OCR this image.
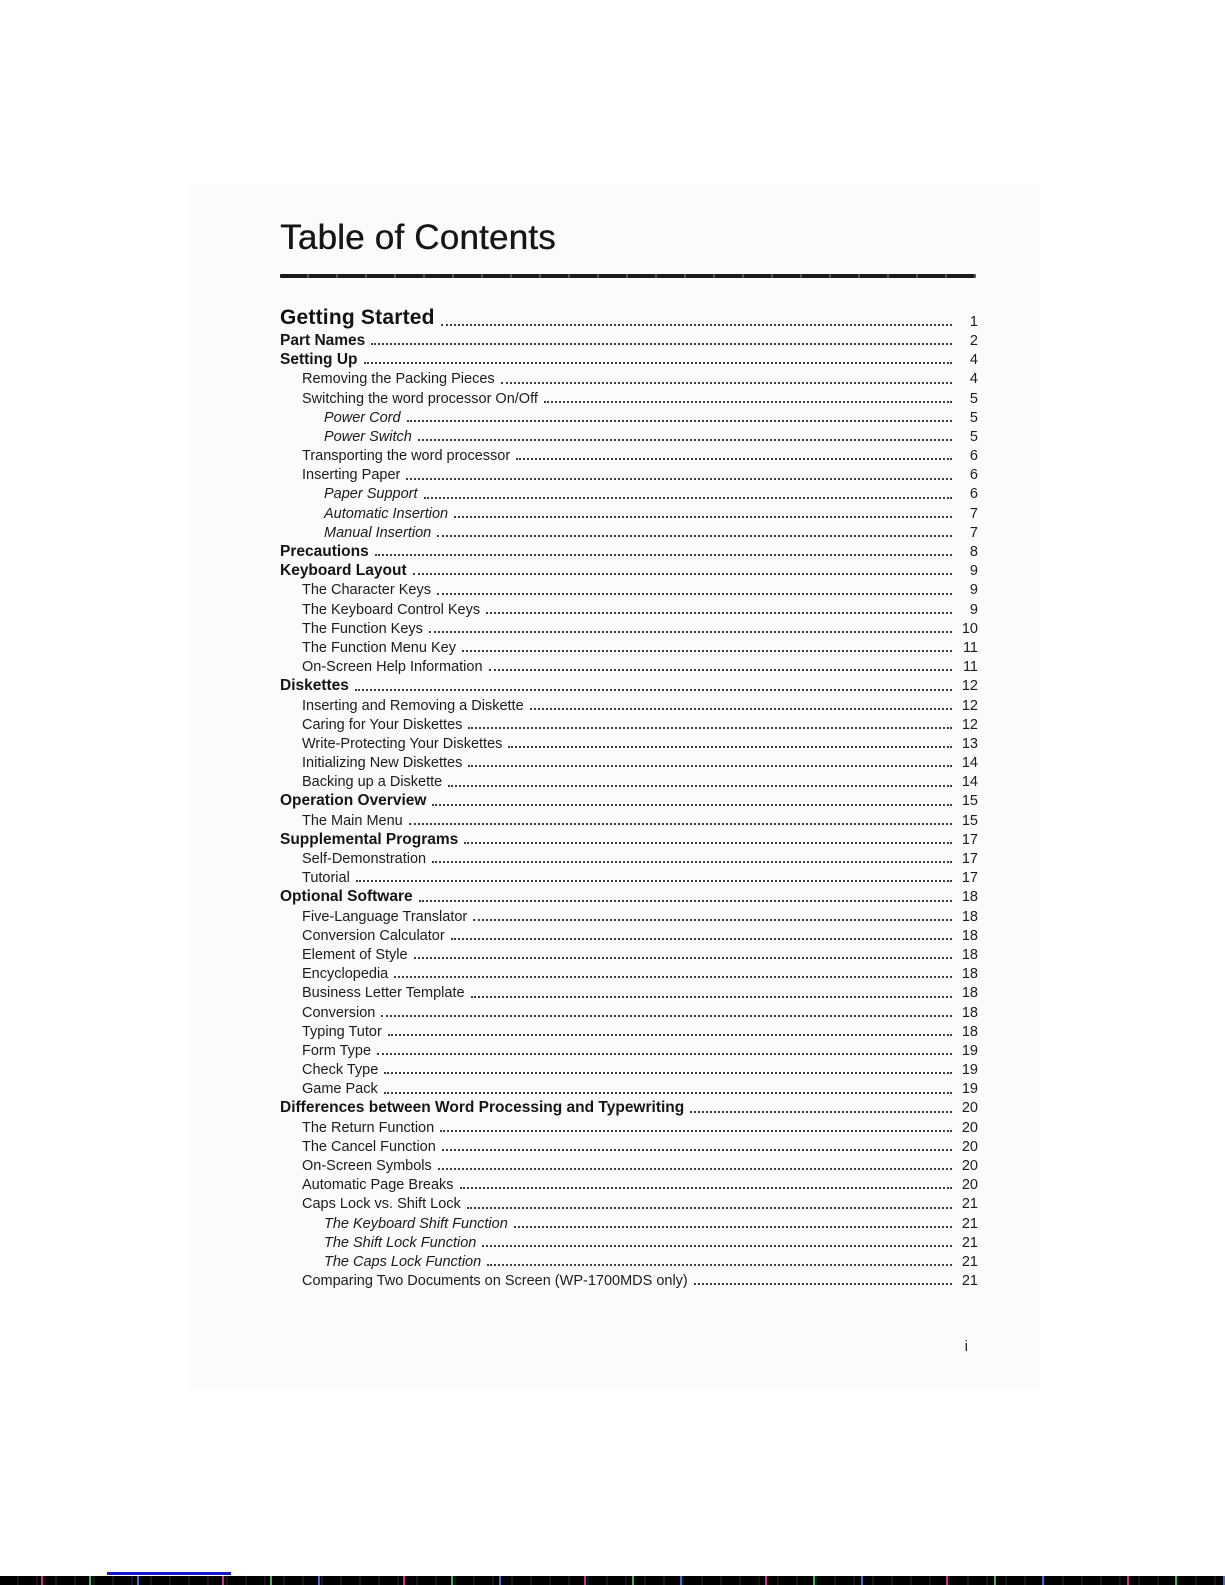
Table of Contents
Getting Started	1
Part Names	2
Setting Up	4
Removing the Packing Pieces	4
Switching the word processor On/Off	5
Power Cord	5
Power Switch	5
Transporting the word processor	6
Inserting Paper	6
Paper Support	6
Automatic Insertion	7
Manual Insertion	7
Precautions	8
Keyboard Layout	9
The Character Keys	9
The Keyboard Control Keys	9
The Function Keys	10
The Function Menu Key	11
On-Screen Help Information	11
Diskettes	12
Inserting and Removing a Diskette	12
Caring for Your Diskettes	12
Write-Protecting Your Diskettes	13
Initializing New Diskettes	14
Backing up a Diskette	14
Operation Overview	15
The Main Menu	15
Supplemental Programs	17
Self-Demonstration	17
Tutorial	17
Optional Software	18
Five-Language Translator	18
Conversion Calculator	18
Element of Style	18
Encyclopedia	18
Business Letter Template	18
Conversion	18
Typing Tutor	18
Form Type	19
Check Type	19
Game Pack	19
Differences between Word Processing and Typewriting	20
The Return Function	20
The Cancel Function	20
On-Screen Symbols	20
Automatic Page Breaks	20
Caps Lock vs. Shift Lock	21
The Keyboard Shift Function	21
The Shift Lock Function	21
The Caps Lock Function	21
Comparing Two Documents on Screen (WP-1700MDS only)	21
i
